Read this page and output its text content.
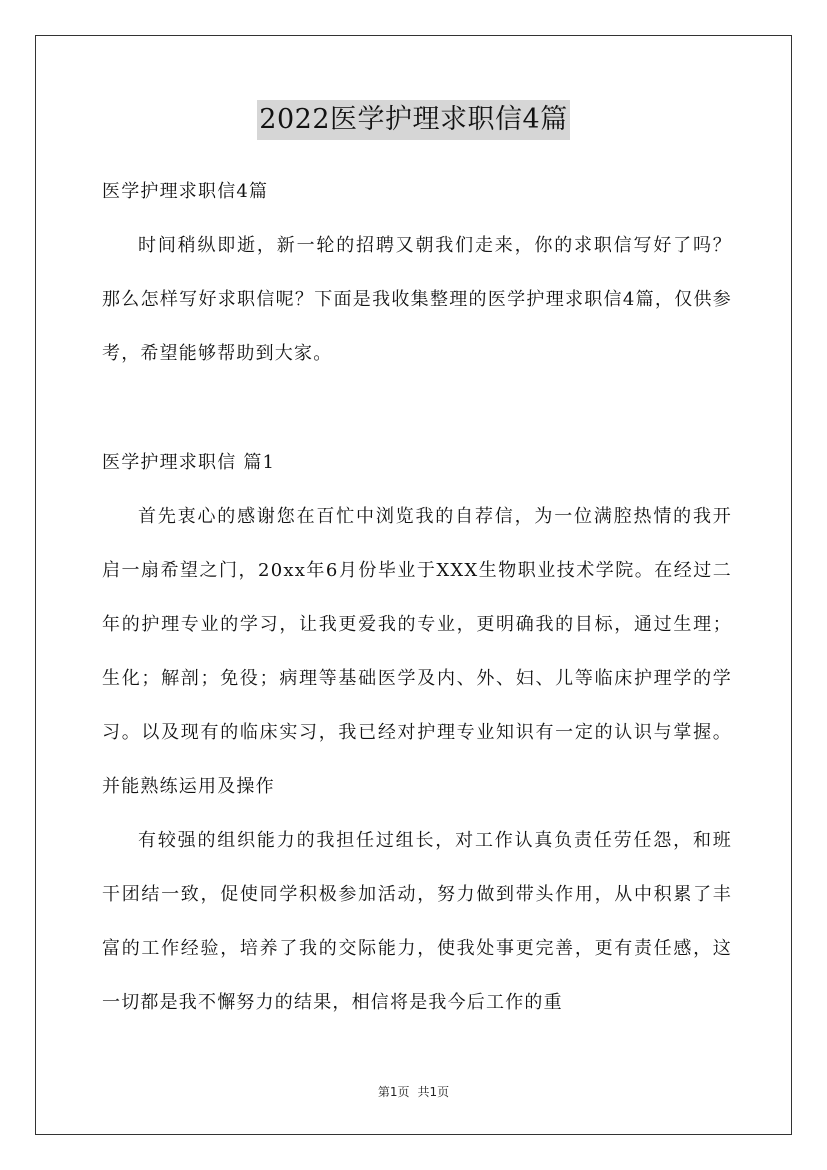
2022医学护理求职信4篇
医学护理求职信4篇

时间稍纵即逝，新一轮的招聘又朝我们走来，你的求职信写好了吗？那么怎样写好求职信呢？下面是我收集整理的医学护理求职信4篇，仅供参考，希望能够帮助到大家。

医学护理求职信 篇1

首先衷心的感谢您在百忙中浏览我的自荐信，为一位满腔热情的我开启一扇希望之门，20xx年6月份毕业于XXX生物职业技术学院。在经过二年的护理专业的学习，让我更爱我的专业，更明确我的目标，通过生理；生化；解剖；免役；病理等基础医学及内、外、妇、儿等临床护理学的学习。以及现有的临床实习，我已经对护理专业知识有一定的认识与掌握。并能熟练运用及操作

有较强的组织能力的我担任过组长，对工作认真负责任劳任怨，和班干团结一致，促使同学积极参加活动，努力做到带头作用，从中积累了丰富的工作经验，培养了我的交际能力，使我处事更完善，更有责任感，这一切都是我不懈努力的结果，相信将是我今后工作的重

第1页 共1页
